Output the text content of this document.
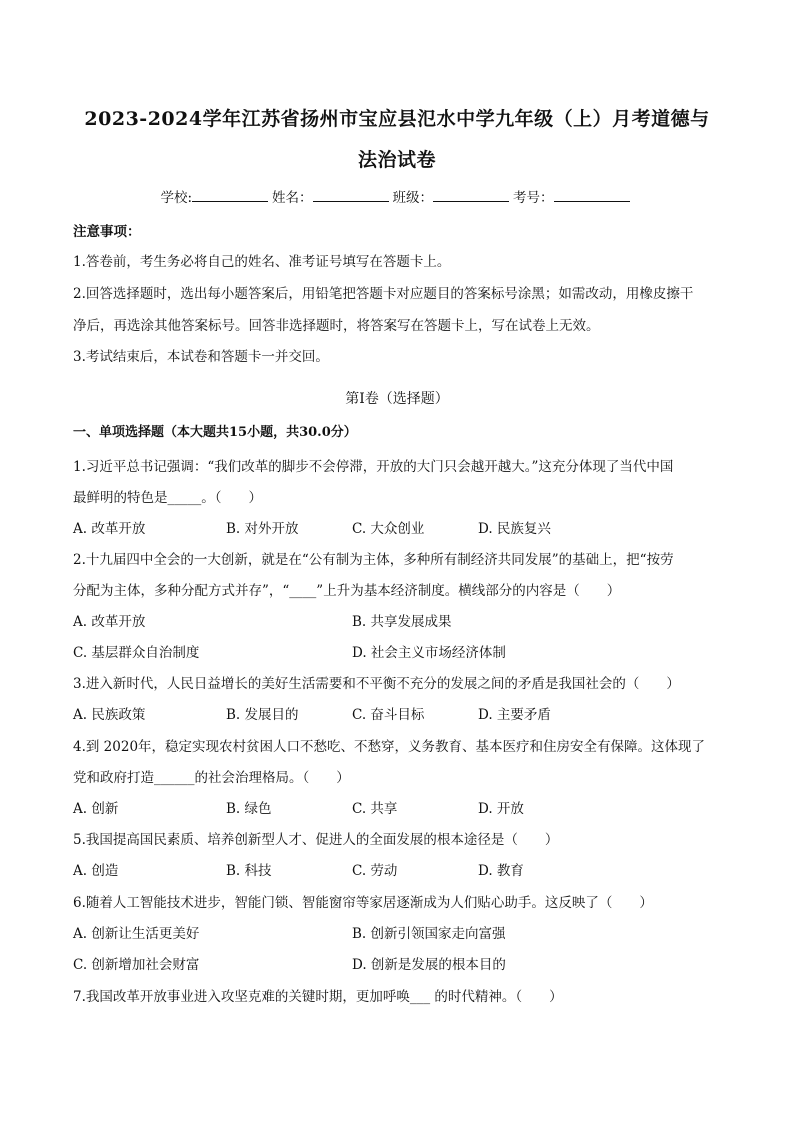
2023-2024学年江苏省扬州市宝应县氾水中学九年级（上）月考道德与
法治试卷
学校:	姓名：	班级：	考号：
注意事项：
1.答卷前，考生务必将自己的姓名、准考证号填写在答题卡上。
2.回答选择题时，选出每小题答案后，用铅笔把答题卡对应题目的答案标号涂黑；如需改动，用橡皮擦干
净后，再选涂其他答案标号。回答非选择题时，将答案写在答题卡上，写在试卷上无效。
3.考试结束后，本试卷和答题卡一并交回。
第Ⅰ卷（选择题）
一、单项选择题（本大题共15小题，共30.0分）
1.习近平总书记强调：“我们改革的脚步不会停滞，开放的大门只会越开越大。”这充分体现了当代中国
最鲜明的特色是_____。（　　）
A. 改革开放	B. 对外开放	C. 大众创业	D. 民族复兴
2.十九届四中全会的一大创新，就是在“公有制为主体，多种所有制经济共同发展”的基础上，把“按劳
分配为主体，多种分配方式并存”，“____”上升为基本经济制度。横线部分的内容是（　　）
A. 改革开放	B. 共享发展成果
C. 基层群众自治制度	D. 社会主义市场经济体制
3.进入新时代，人民日益增长的美好生活需要和不平衡不充分的发展之间的矛盾是我国社会的（　　）
A. 民族政策	B. 发展目的	C. 奋斗目标	D. 主要矛盾
4.到 2020年，稳定实现农村贫困人口不愁吃、不愁穿，义务教育、基本医疗和住房安全有保障。这体现了
党和政府打造______的社会治理格局。（　　）
A. 创新	B. 绿色	C. 共享	D. 开放
5.我国提高国民素质、培养创新型人才、促进人的全面发展的根本途径是（　　）
A. 创造	B. 科技	C. 劳动	D. 教育
6.随着人工智能技术进步，智能门锁、智能窗帘等家居逐渐成为人们贴心助手。这反映了（　　）
A. 创新让生活更美好	B. 创新引领国家走向富强
C. 创新增加社会财富	D. 创新是发展的根本目的
7.我国改革开放事业进入攻坚克难的关键时期，更加呼唤___ 的时代精神。（　　）
